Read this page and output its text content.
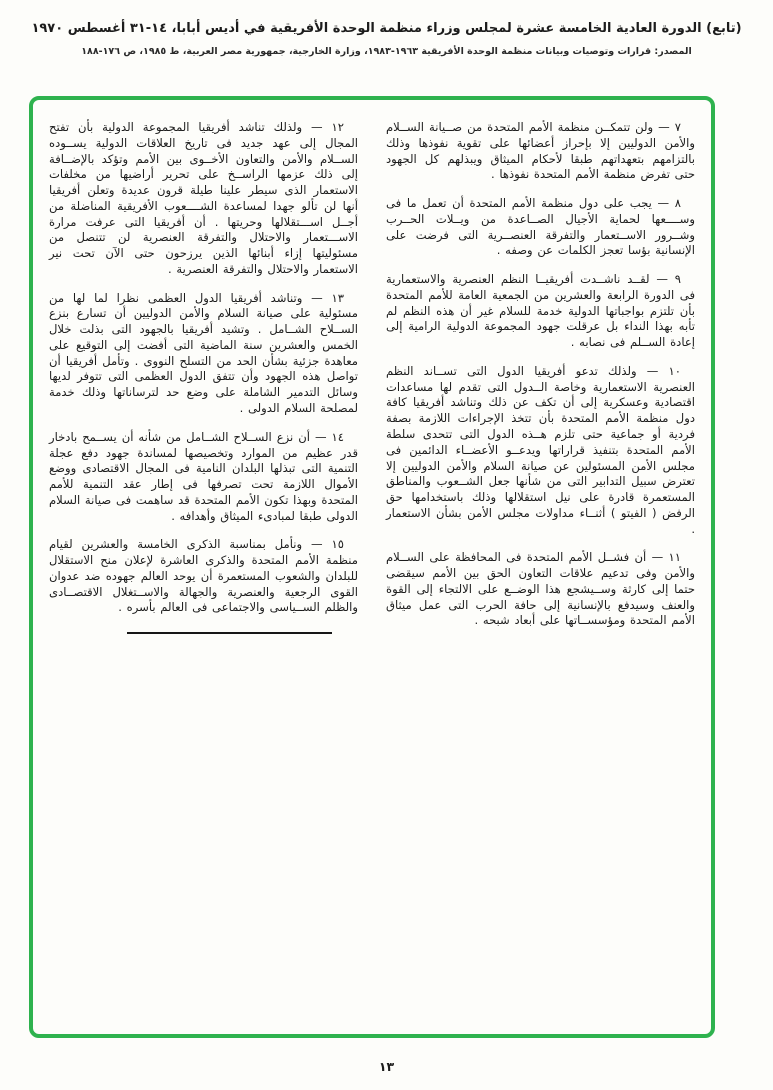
(تابع) الدورة العادية الخامسة عشرة لمجلس وزراء منظمة الوحدة الأفريقية في أديس أبابا، ١٤-٣١ أغسطس ١٩٧٠
المصدر: قرارات وتوصيات وبيانات منظمة الوحدة الأفريقية ١٩٦٣-١٩٨٣، وزارة الخارجية، جمهورية مصر العربية، ط ١٩٨٥، ص ١٧٦-١٨٨

٧ — ولن تتمكــن منظمة الأمم المتحدة من صــيانة الســلام والأمن الدوليين إلا بإحراز أعضائها على تقوية نفوذها وذلك بالتزامهم بتعهداتهم طبقا لأحكام الميثاق ويبذلهم كل الجهود حتى تفرض منظمة الأمم المتحدة نفوذها .

٨ — يجب على دول منظمة الأمم المتحدة أن تعمل ما فى وســــعها لحماية الأجيال الصــاعدة من ويــلات الحــرب وشــرور الاســتعمار والتفرقة العنصــرية التى فرضت على الإنسانية بؤسا تعجز الكلمات عن وصفه .

٩ — لقــد ناشــدت أفريقيــا النظم العنصرية والاستعمارية فى الدورة الرابعة والعشرين من الجمعية العامة للأمم المتحدة بأن تلتزم بواجباتها الدولية خدمة للسلام غير أن هذه النظم لم تأبه بهذا النداء بل عرقلت جهود المجموعة الدولية الرامية إلى إعادة الســلم فى نصابه .

١٠ — ولذلك تدعو أفريقيا الدول التى تســاند النظم العنصرية الاستعمارية وخاصة الــدول التى تقدم لها مساعدات اقتصادية وعسكرية إلى أن تكف عن ذلك وتناشد أفريقيا كافة دول منظمة الأمم المتحدة بأن تتخذ الإجراءات اللازمة بصفة فردية أو جماعية حتى تلزم هــذه الدول التى تتحدى سلطة الأمم المتحدة بتنفيذ قراراتها ويدعــو الأعضــاء الدائمين فى مجلس الأمن المسئولين عن صيانة السلام والأمن الدوليين إلا تعترض سبيل التدابير التى من شأنها جعل الشــعوب والمناطق المستعمرة قادرة على نيل استقلالها وذلك باستخدامها حق الرفض ( الفيتو ) أثنــاء مداولات مجلس الأمن بشأن الاستعمار .

١١ — أن فشــل الأمم المتحدة فى المحافظة على الســلام والأمن وفى تدعيم علاقات التعاون الحق بين الأمم سيقضى حتما إلى كارثة وســيشجع هذا الوضــع على الالتجاء إلى القوة والعنف وسيدفع بالإنسانية إلى حافة الحرب التى عمل ميثاق الأمم المتحدة ومؤسســاتها على أبعاد شبحه .

١٢ — ولذلك تناشد أفريقيا المجموعة الدولية بأن تفتح المجال إلى عهد جديد فى تاريخ العلاقات الدولية يســوده الســلام والأمن والتعاون الأخــوى بين الأمم وتؤكد بالإضــافة إلى ذلك عزمها الراســخ على تحرير أراضيها من مخلفات الاستعمار الذى سيطر علينا طيلة قرون عديدة وتعلن أفريقيا أنها لن تألو جهدا لمساعدة الشــــعوب الأفريقية المناضلة من أجــل اســـتقلالها وحريتها . أن أفريقيا التى عرفت مرارة الاســـتعمار والاحتلال والتفرقة العنصرية لن تتنصل من مسئوليتها إزاء أبنائها الذين يرزحون حتى الآن تحت نير الاستعمار والاحتلال والتفرقة العنصرية .

١٣ — وتناشد أفريقيا الدول العظمى نظرا لما لها من مسئولية على صيانة السلام والأمن الدوليين أن تسارع بنزع الســلاح الشــامل . وتشيد أفريقيا بالجهود التى بذلت خلال الخمس والعشرين سنة الماضية التى أفضت إلى التوقيع على معاهدة جزئية بشأن الحد من التسلح النووى . وتأمل أفريقيا أن تواصل هذه الجهود وأن تتفق الدول العظمى التى تتوفر لديها وسائل التدمير الشاملة على وضع حد لترساناتها وذلك خدمة لمصلحة السلام الدولى .

١٤ — أن نزع الســلاح الشــامل من شأنه أن يســمح بادخار قدر عظيم من الموارد وتخصيصها لمساندة جهود دفع عجلة التنمية التى تبذلها البلدان النامية فى المجال الاقتصادى ووضع الأموال اللازمة تحت تصرفها فى إطار عقد التنمية للأمم المتحدة وبهذا تكون الأمم المتحدة قد ساهمت فى صيانة السلام الدولى طبقا لمبادىء الميثاق وأهدافه .

١٥ — ونأمل بمناسبة الذكرى الخامسة والعشرين لقيام منظمة الأمم المتحدة والذكرى العاشرة لإعلان منح الاستقلال للبلدان والشعوب المستعمرة أن يوحد العالم جهوده ضد عدوان القوى الرجعية والعنصرية والجهالة والاســتغلال الاقتصــادى والظلم الســياسى والاجتماعى فى العالم بأسره .

١٣
